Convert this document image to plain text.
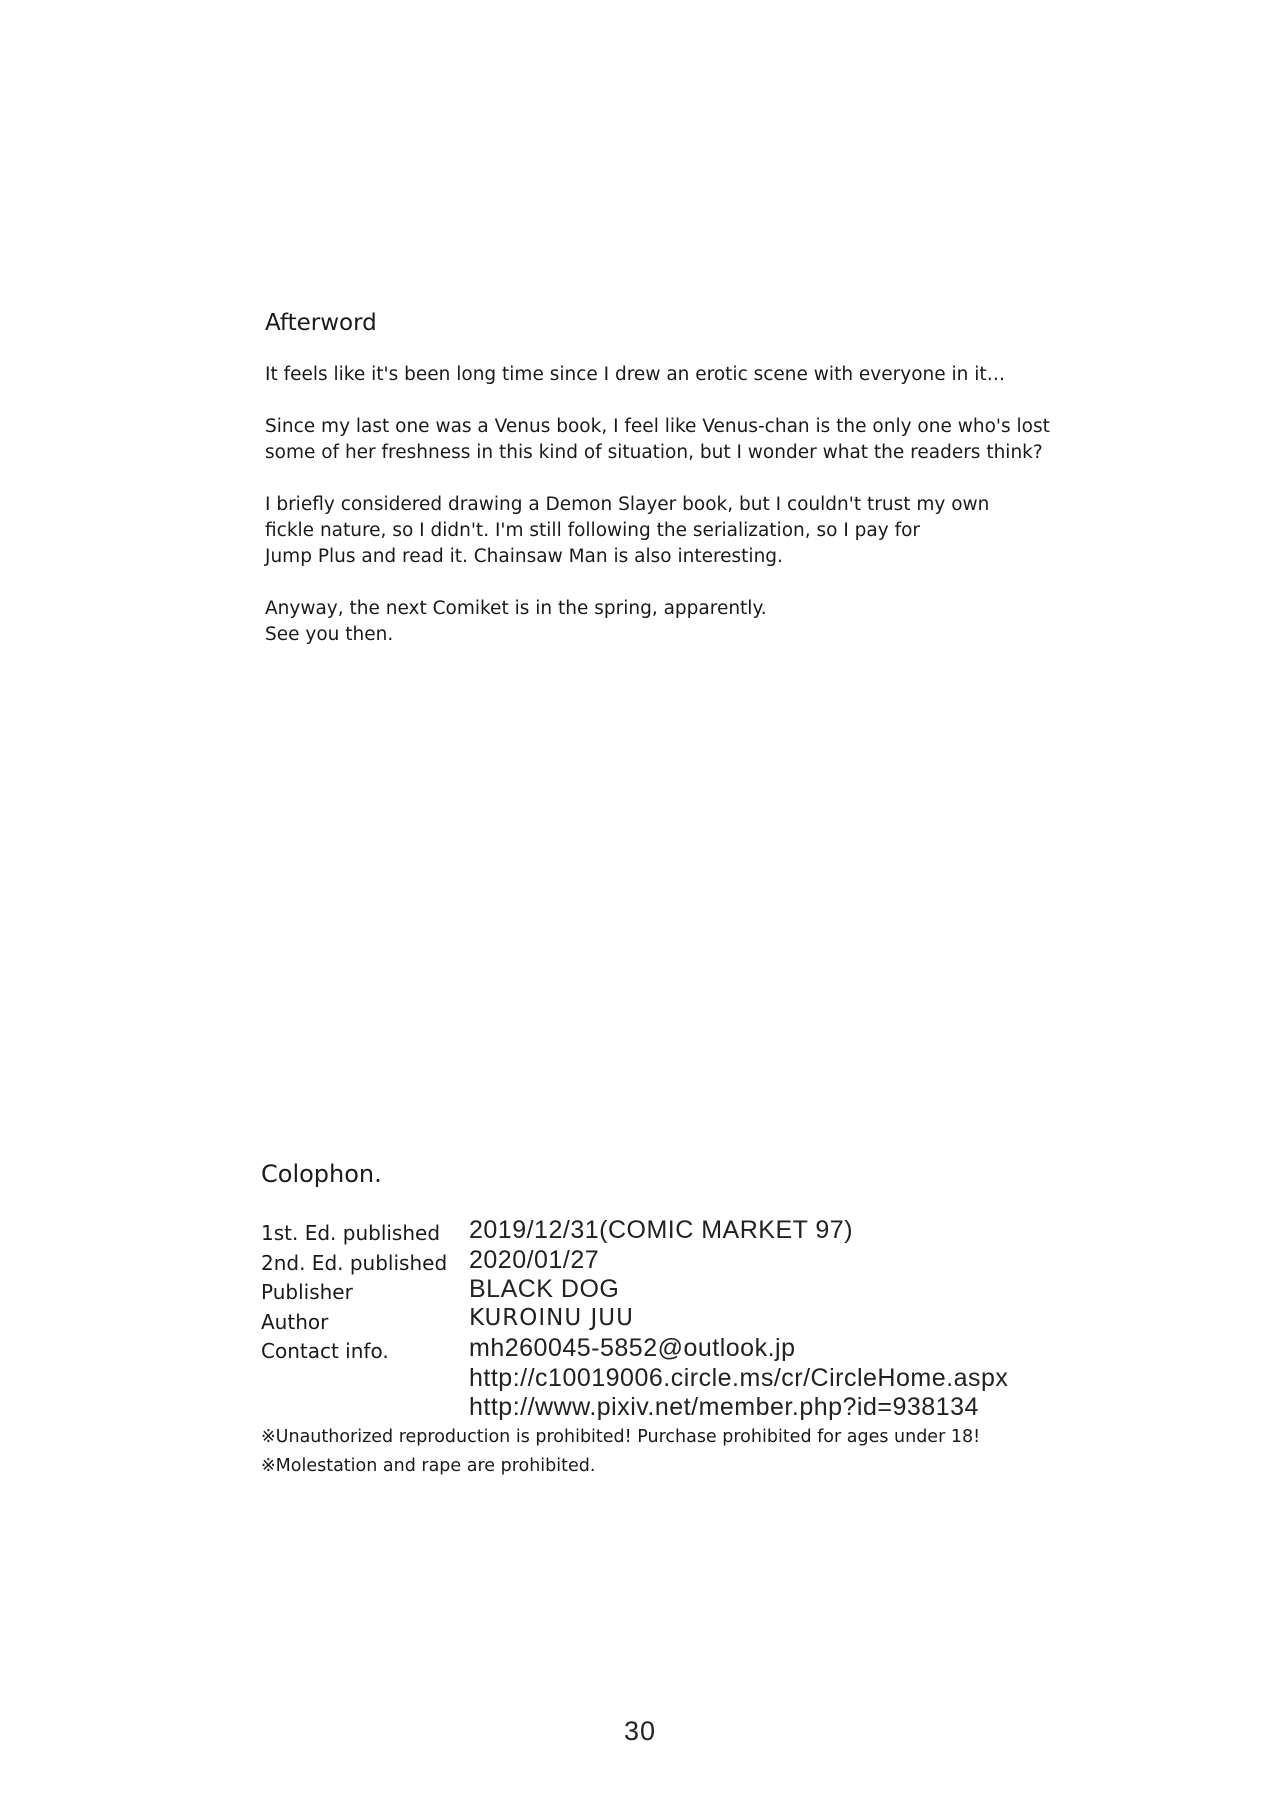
Afterword

It feels like it's been long time since I drew an erotic scene with everyone in it…

Since my last one was a Venus book, I feel like Venus-chan is the only one who's lost
some of her freshness in this kind of situation, but I wonder what the readers think?

I briefly considered drawing a Demon Slayer book, but I couldn't trust my own
fickle nature, so I didn't. I'm still following the serialization, so I pay for
Jump Plus and read it. Chainsaw Man is also interesting.

Anyway, the next Comiket is in the spring, apparently.
See you then.

Colophon.
1st. Ed. published 2019/12/31(COMIC MARKET 97)
2nd. Ed. published 2020/01/27
Publisher	BLACK DOG
Author	KUROINU JUU
Contact info.	mh260045-5852@outlook.jp
http://c10019006.circle.ms/cr/CircleHome.aspx
http://www.pixiv.net/member.php?id=938134
※Unauthorized reproduction is prohibited! Purchase prohibited for ages under 18!
※Molestation and rape are prohibited.
30
